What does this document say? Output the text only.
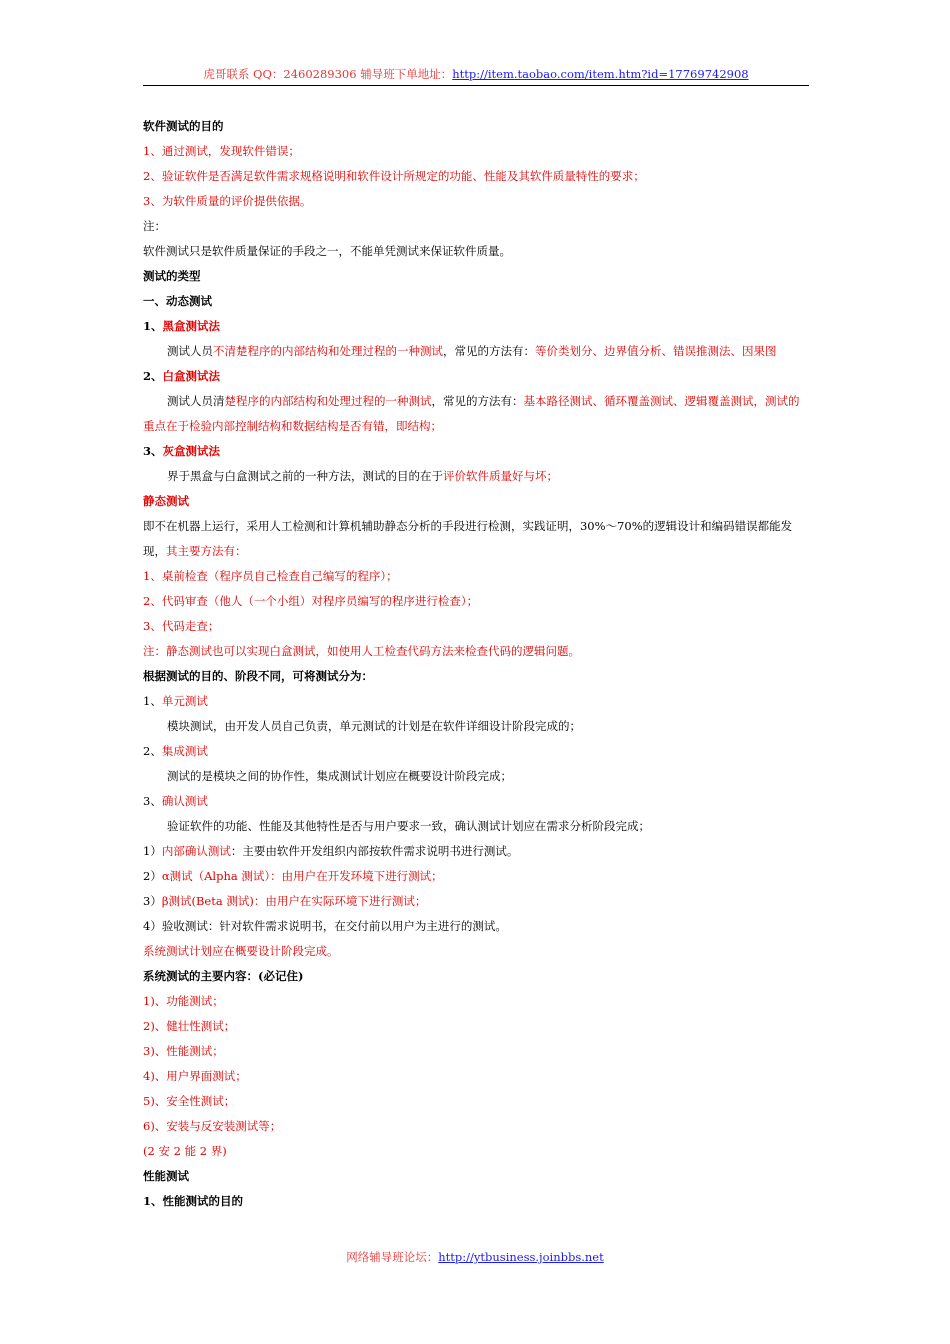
虎哥联系 QQ：2460289306 辅导班下单地址：http://item.taobao.com/item.htm?id=17769742908
软件测试的目的
1、通过测试，发现软件错误；
2、验证软件是否满足软件需求规格说明和软件设计所规定的功能、性能及其软件质量特性的要求；
3、为软件质量的评价提供依据。
注：
软件测试只是软件质量保证的手段之一，不能单凭测试来保证软件质量。
测试的类型
一、动态测试
1、黑盒测试法
测试人员不清楚程序的内部结构和处理过程的一种测试，常见的方法有：等价类划分、边界值分析、错误推测法、因果图
2、白盒测试法
测试人员清楚程序的内部结构和处理过程的一种测试，常见的方法有：基本路径测试、循环覆盖测试、逻辑覆盖测试，测试的重点在于检验内部控制结构和数据结构是否有错，即结构；
3、灰盒测试法
界于黑盒与白盒测试之前的一种方法，测试的目的在于评价软件质量好与坏；
静态测试
即不在机器上运行，采用人工检测和计算机辅助静态分析的手段进行检测，实践证明，30%～70%的逻辑设计和编码错误都能发现，其主要方法有：
1、桌前检查（程序员自己检查自己编写的程序）；
2、代码审查（他人（一个小组）对程序员编写的程序进行检查）；
3、代码走查；
注：静态测试也可以实现白盒测试，如使用人工检查代码方法来检查代码的逻辑问题。
根据测试的目的、阶段不同，可将测试分为：
1、单元测试
模块测试，由开发人员自己负责，单元测试的计划是在软件详细设计阶段完成的；
2、集成测试
测试的是模块之间的协作性，集成测试计划应在概要设计阶段完成；
3、确认测试
验证软件的功能、性能及其他特性是否与用户要求一致，确认测试计划应在需求分析阶段完成；
1）内部确认测试：主要由软件开发组织内部按软件需求说明书进行测试。
2）α测试（Alpha 测试）：由用户在开发环境下进行测试；
3）β测试(Beta 测试)：由用户在实际环境下进行测试；
4）验收测试：针对软件需求说明书，在交付前以用户为主进行的测试。
系统测试计划应在概要设计阶段完成。
系统测试的主要内容：(必记住)
1)、功能测试；
2)、健壮性测试；
3)、性能测试；
4)、用户界面测试；
5)、安全性测试；
6)、安装与反安装测试等；
(2 安 2 能 2 界)
性能测试
1、性能测试的目的
网络辅导班论坛：http://ytbusiness.joinbbs.net
